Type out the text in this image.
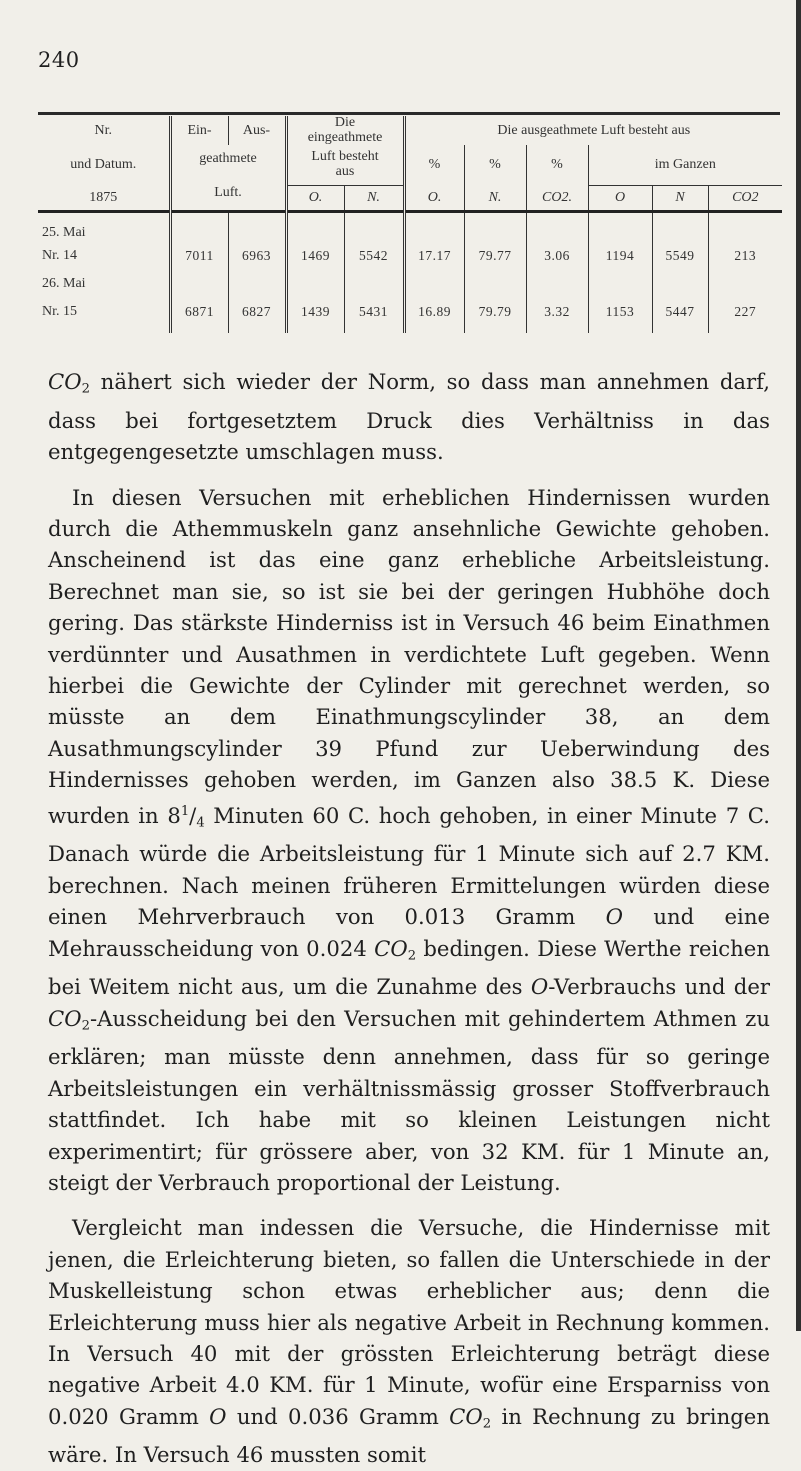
240
Nr.	Ein-	Aus-	Die
eingeathmete		Die ausgeathmete Luft besteht aus					
und Datum.	geathmete		Luft besteht
aus		%	%	%	im Ganzen		
1875	Luft.		O.	N.	O.	N.	CO2.	O	N	CO2
25. Mai										
Nr. 14	7011	6963	1469	5542	17.17	79.77	3.06	1194	5549	213
26. Mai										
Nr. 15	6871	6827	1439	5431	16.89	79.79	3.32	1153	5447	227

$CO_2$ nähert sich wieder der Norm, so dass man annehmen darf, dass bei fortgesetztem Druck dies Verhältniss in das entgegengesetzte umschlagen muss.

In diesen Versuchen mit erheblichen Hindernissen wurden durch die Athemmuskeln ganz ansehnliche Gewichte gehoben. Anscheinend ist das eine ganz erhebliche Arbeitsleistung. Berechnet man sie, so ist sie bei der geringen Hubhöhe doch gering. Das stärkste Hinderniss ist in Versuch 46 beim Einathmen verdünnter und Ausathmen in verdichtete Luft gegeben. Wenn hierbei die Gewichte der Cylinder mit gerechnet werden, so müsste an dem Einathmungscylinder 38, an dem Ausathmungscylinder 39 Pfund zur Ueberwindung des Hindernisses gehoben werden, im Ganzen also 38.5 K. Diese wurden in $8^1/_4$ Minuten 60 C. hoch gehoben, in einer Minute 7 C. Danach würde die Arbeitsleistung für 1 Minute sich auf 2.7 KM. berechnen. Nach meinen früheren Ermittelungen würden diese einen Mehrverbrauch von 0.013 Gramm O und eine Mehrausscheidung von 0.024 $CO_2$ bedingen. Diese Werthe reichen bei Weitem nicht aus, um die Zunahme des O-Verbrauchs und der $CO_2$-Ausscheidung bei den Versuchen mit gehindertem Athmen zu erklären; man müsste denn annehmen, dass für so geringe Arbeitsleistungen ein verhältnissmässig grosser Stoffverbrauch stattfindet. Ich habe mit so kleinen Leistungen nicht experimentirt; für grössere aber, von 32 KM. für 1 Minute an, steigt der Verbrauch proportional der Leistung.

Vergleicht man indessen die Versuche, die Hindernisse mit jenen, die Erleichterung bieten, so fallen die Unterschiede in der Muskelleistung schon etwas erheblicher aus; denn die Erleichterung muss hier als negative Arbeit in Rechnung kommen. In Versuch 40 mit der grössten Erleichterung beträgt diese negative Arbeit 4.0 KM. für 1 Minute, wofür eine Ersparniss von 0.020 Gramm O und 0.036 Gramm $CO_2$ in Rechnung zu bringen wäre. In Versuch 46 mussten somit
